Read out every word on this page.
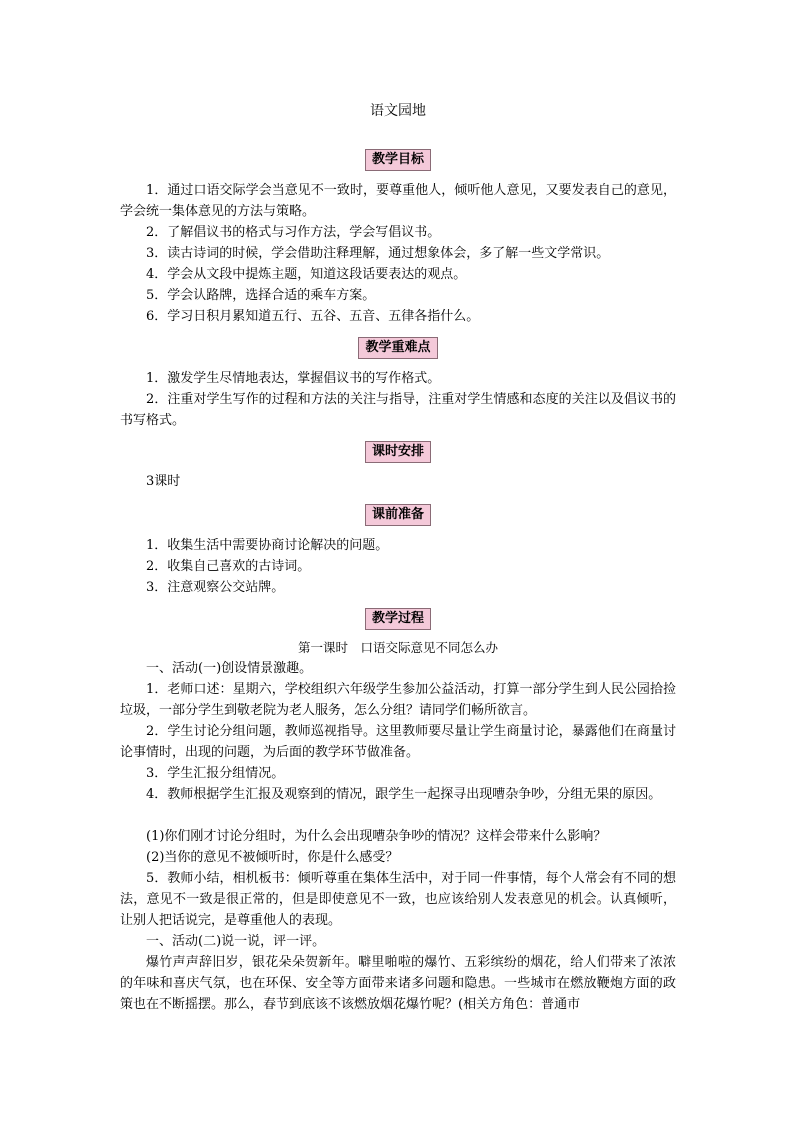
语文园地
教学目标
1．通过口语交际学会当意见不一致时，要尊重他人，倾听他人意见，又要发表自己的意见，学会统一集体意见的方法与策略。
2．了解倡议书的格式与习作方法，学会写倡议书。
3．读古诗词的时候，学会借助注释理解，通过想象体会，多了解一些文学常识。
4．学会从文段中提炼主题，知道这段话要表达的观点。
5．学会认路牌，选择合适的乘车方案。
6．学习日积月累知道五行、五谷、五音、五律各指什么。
教学重难点
1．激发学生尽情地表达，掌握倡议书的写作格式。
2．注重对学生写作的过程和方法的关注与指导，注重对学生情感和态度的关注以及倡议书的书写格式。
课时安排
3课时
课前准备
1．收集生活中需要协商讨论解决的问题。
2．收集自己喜欢的古诗词。
3．注意观察公交站牌。
教学过程
第一课时　口语交际意见不同怎么办
一、活动(一)创设情景激趣。
1．老师口述：星期六，学校组织六年级学生参加公益活动，打算一部分学生到人民公园拾捡垃圾，一部分学生到敬老院为老人服务，怎么分组？请同学们畅所欲言。
2．学生讨论分组问题，教师巡视指导。这里教师要尽量让学生商量讨论，暴露他们在商量讨论事情时，出现的问题，为后面的教学环节做准备。
3．学生汇报分组情况。
4．教师根据学生汇报及观察到的情况，跟学生一起探寻出现嘈杂争吵，分组无果的原因。
(1)你们刚才讨论分组时，为什么会出现嘈杂争吵的情况？这样会带来什么影响？
(2)当你的意见不被倾听时，你是什么感受？
5．教师小结，相机板书：倾听尊重在集体生活中，对于同一件事情，每个人常会有不同的想法，意见不一致是很正常的，但是即使意见不一致，也应该给别人发表意见的机会。认真倾听，让别人把话说完，是尊重他人的表现。
一、活动(二)说一说，评一评。
爆竹声声辞旧岁，银花朵朵贺新年。噼里啪啦的爆竹、五彩缤纷的烟花，给人们带来了浓浓的年味和喜庆气氛，也在环保、安全等方面带来诸多问题和隐患。一些城市在燃放鞭炮方面的政策也在不断摇摆。那么，春节到底该不该燃放烟花爆竹呢？(相关方角色：普通市
